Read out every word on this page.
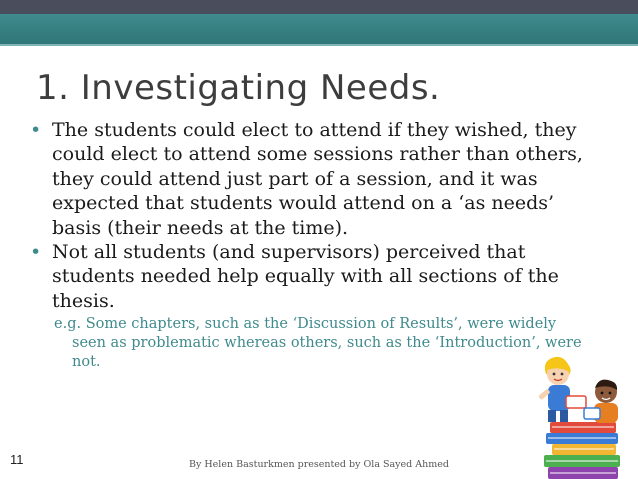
1. Investigating Needs.
• The students could elect to attend if they wished, they could elect to attend some sessions rather than others, they could attend just part of a session, and it was expected that students would attend on a ‘as needs’ basis (their needs at the time).
• Not all students (and supervisors) perceived that students needed help equally with all sections of the thesis.
e.g. Some chapters, such as the ‘Discussion of Results’, were widely seen as problematic whereas others, such as the ‘Introduction’, were not.
11	By Helen Basturkmen presented by Ola Sayed Ahmed
